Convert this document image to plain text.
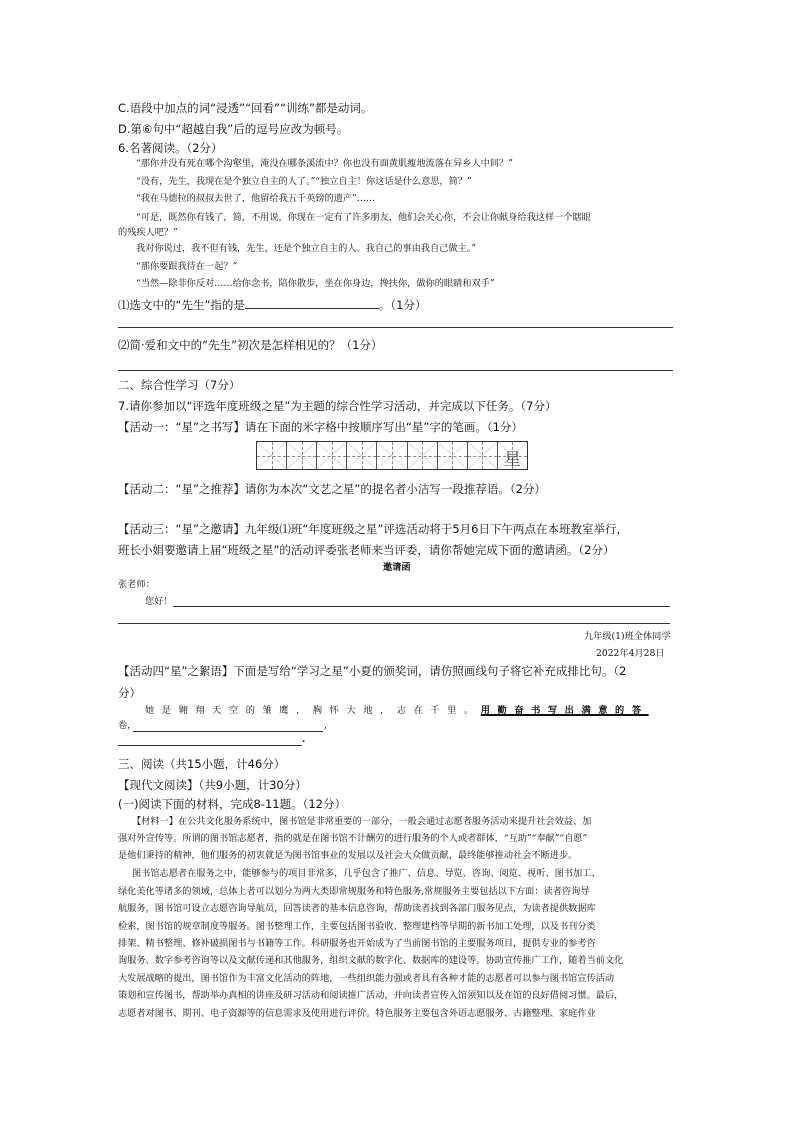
C.语段中加点的词“浸透”“回看”“训练”都是动词。
D.第⑥句中“超越自我”后的逗号应改为顿号。
6.名著阅读。（2分）
“那你并没有死在哪个沟壑里，淹没在哪条溪流中？你也没有面黄肌瘦地流落在异乡人中间？”
“没有，先生，我现在是个独立自主的人了。”“独立自主！你这话是什么意思，简？”
“我在马德拉的叔叔去世了，他留给我五千英镑的遗产”……
“可是，既然你有钱了，简，不用说，你现在一定有了许多朋友，他们会关心你，不会让你献身给我这样一个瞎眼
的残疾人吧？”
我对你说过，我不但有钱，先生，还是个独立自主的人。我自己的事由我自己做主。”
“那你要跟我待在一起？”
“当然—除非你反对……给你念书，陪你散步，坐在你身边，搀扶你，做你的眼睛和双手”
⑴选文中的“先生”指的是	。（1分）
⑵简·爱和文中的“先生”初次是怎样相见的？（1分）
二、综合性学习（7分）
7.请你参加以“评选年度班级之星”为主题的综合性学习活动，并完成以下任务。（7分）
【活动一：“星”之书写】请在下面的米字格中按顺序写出“星”字的笔画。（1分）
星
【活动二：“星”之推荐】请你为本次“文艺之星”的提名者小洁写一段推荐语。（2分）
【活动三：“星”之邀请】九年级⑴班“年度班级之星”评选活动将于5月6日下午两点在本班教室举行，
班长小娟要邀请上届“班级之星”的活动评委张老师来当评委，请你帮她完成下面的邀请函。（2分）
邀请函
张老师：
您好！
九年级(1)班全体同学
2022年4月28日
【活动四“星”之絮语】下面是写给“学习之星”小夏的颁奖词，请仿照画线句子将它补充成排比句。（2
分）
她是翱翔天空的雏鹰，胸怀大地，志在千里。用勤奋书写出满意的答
卷，	,
.
三、阅读（共15小题，计46分）
【现代文阅读】（共9小题，计30分）
(一)阅读下面的材料，完成8-11题。（12分）
【材料一】在公共文化服务系统中，图书馆是非常重要的一部分，一般会通过志愿者服务活动来提升社会效益、加
强对外宣传等。所谓的图书馆志愿者，指的就是在图书馆不计酬劳的进行服务的个人或者群体，“互助”“奉献”“自愿”
是他们秉持的精神，他们服务的初衷就是为图书馆事业的发展以及社会大众做贡献，最终能够推动社会不断进步。
图书馆志愿者在服务之中，能够参与的项目非常多，几乎包含了推广、信息、导览、咨询、阅览、视听、图书加工、
绿化美化等诸多的领域，总体上者可以划分为两大类即常规服务和特色服务,常规服务主要包括以下方面：读者咨询导
航服务，图书馆可设立志愿咨询导航员，回答读者的基本信息咨询，帮助读者找到各部门服务见点，为读者提供数据库
检索，图书馆的规章制度等服务。图书整理工作，主要包括图书验收、整理建档等早期的新书加工处理，以及书刊分类
排架、精书整理、修补破损图书与书籍等工作。科研服务也开始成为了当前图书馆的主要服务项目，提供专业的参考咨
询服务、数字参考咨询等以及文献传递和其他服务，组织文献的数字化、数据库的建设等。协助宣传推广工作，随着当前文化
大发展战略的提出，图书馆作为丰富文化活动的阵地，一些组织能力强或者具有各种才能的志愿者可以参与图书馆宣传活动
策划和宣传图书，帮助举办真相的讲座及研习活动和阅读推广活动，并向读者宣传入馆须知以及在馆的良好借阅习惯。最后，
志愿者对图书、期刊、电子资源等的信息需求及使用进行评价。特色服务主要包含外语志愿服务、古籍整理、家庭作业
